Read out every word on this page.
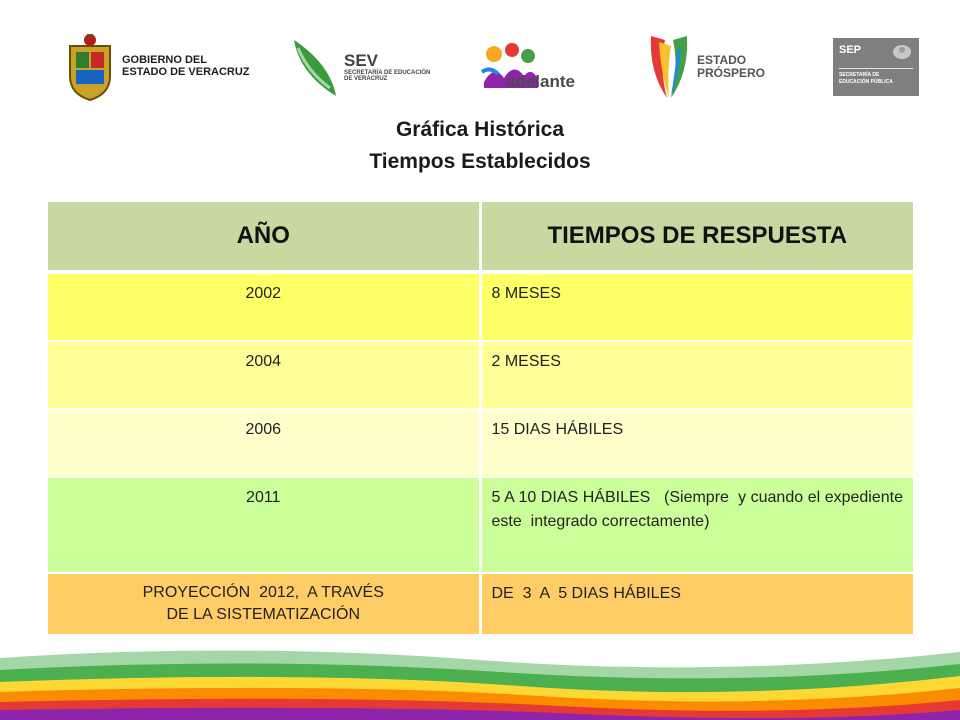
GOBIERNO DEL
ESTADO DE VERACRUZ
SEV
SECRETARÍA DE EDUCACIÓN
DE VERACRUZ	adelante
ESTADO
PRÓSPERO
SEP
SECRETARÍA DE
EDUCACIÓN PÚBLICA
Gráfica Histórica
Tiempos Establecidos
AÑO	TIEMPOS DE RESPUESTA
2002	8 MESES
2004	2 MESES
2006	15 DIAS HÁBILES
2011	5 A 10 DIAS HÁBILES   (Siempre  y cuando el expediente  este  integrado correctamente)

PROYECCIÓN  2012,  A TRAVÉS
DE LA SISTEMATIZACIÓN	DE  3  A  5 DIAS HÁBILES
